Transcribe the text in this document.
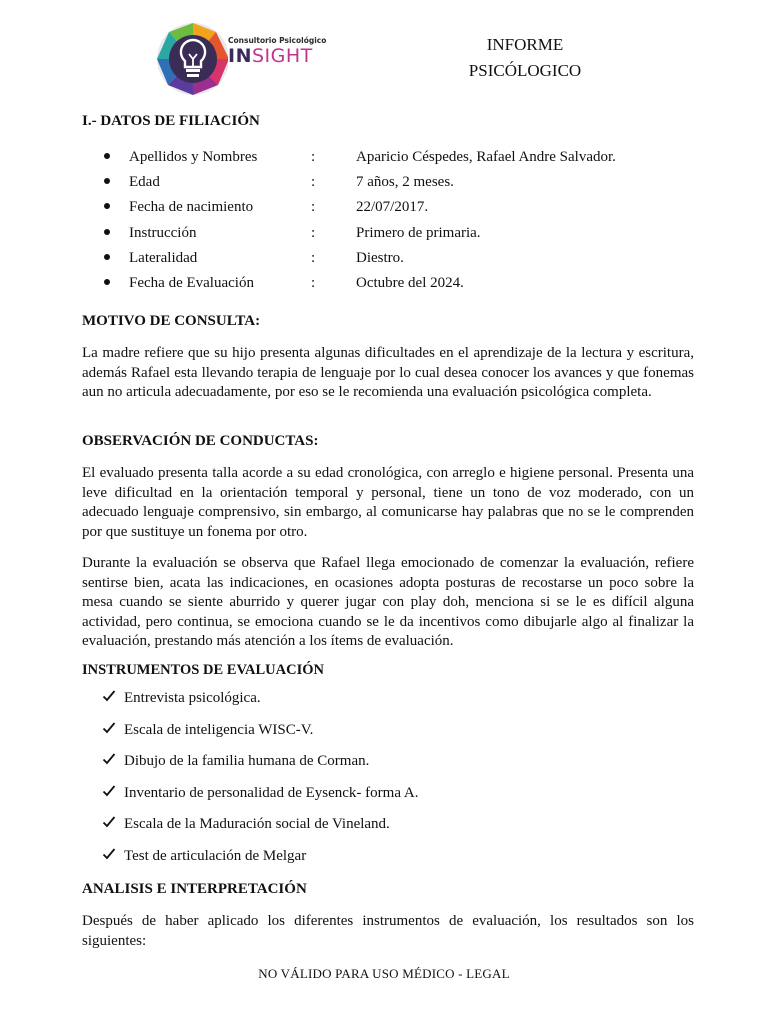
Consultorio Psicológico
INSIGHT
INFORME
PSICÓLOGICO
I.- DATOS DE FILIACIÓN
Apellidos y Nombres	:	Aparicio Céspedes, Rafael Andre Salvador.
Edad	:	7 años, 2 meses.
Fecha de nacimiento	:	22/07/2017.
Instrucción	:	Primero de primaria.
Lateralidad	:	Diestro.
Fecha de Evaluación	:	Octubre del 2024.
MOTIVO DE CONSULTA:

La madre refiere que su hijo presenta algunas dificultades en el aprendizaje de la lectura y escritura, además Rafael esta llevando terapia de lenguaje por lo cual desea conocer los avances y que fonemas aun no articula adecuadamente, por eso se le recomienda una evaluación psicológica completa.

OBSERVACIÓN DE CONDUCTAS:

El evaluado presenta talla acorde a su edad cronológica, con arreglo e higiene personal. Presenta una leve dificultad en la orientación temporal y personal, tiene un tono de voz moderado, con un adecuado lenguaje comprensivo, sin embargo, al comunicarse hay palabras que no se le comprenden por que sustituye un fonema por otro.

Durante la evaluación se observa que Rafael llega emocionado de comenzar la evaluación, refiere sentirse bien, acata las indicaciones, en ocasiones adopta posturas de recostarse un poco sobre la mesa cuando se siente aburrido y querer jugar con play doh, menciona si se le es difícil alguna actividad, pero continua, se emociona cuando se le da incentivos como dibujarle algo al finalizar la evaluación, prestando más atención a los ítems de evaluación.

INSTRUMENTOS DE EVALUACIÓN
Entrevista psicológica.
Escala de inteligencia WISC-V.
Dibujo de la familia humana de Corman.
Inventario de personalidad de Eysenck- forma A.
Escala de la Maduración social de Vineland.
Test de articulación de Melgar
ANALISIS E INTERPRETACIÓN

Después de haber aplicado los diferentes instrumentos de evaluación, los resultados son los siguientes:

NO VÁLIDO PARA USO MÉDICO - LEGAL
